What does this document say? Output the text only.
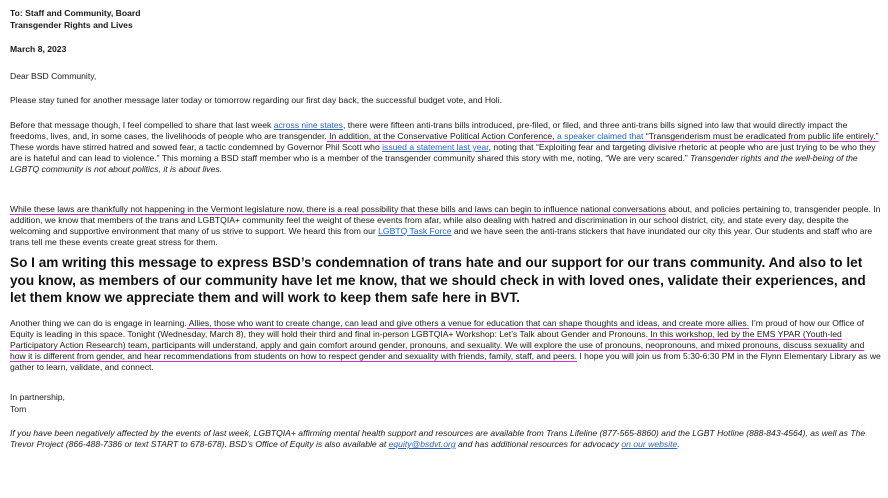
To: Staff and Community, Board

Transgender Rights and Lives

March 8, 2023

Dear BSD Community,

Please stay tuned for another message later today or tomorrow regarding our first day back, the successful budget vote, and Holi.

Before that message though, I feel compelled to share that last week across nine states, there were fifteen anti-trans bills introduced, pre-filed, or filed, and three anti-trans bills signed into law that would directly impact the freedoms, lives, and, in some cases, the livelihoods of people who are transgender. In addition, at the Conservative Political Action Conference, a speaker claimed that “Transgenderism must be eradicated from public life entirely.” These words have stirred hatred and sowed fear, a tactic condemned by Governor Phil Scott who issued a statement last year, noting that “Exploiting fear and targeting divisive rhetoric at people who are just trying to be who they are is hateful and can lead to violence.” This morning a BSD staff member who is a member of the transgender community shared this story with me, noting, “We are very scared.” Transgender rights and the well-being of the LGBTQ community is not about politics, it is about lives.

While these laws are thankfully not happening in the Vermont legislature now, there is a real possibility that these bills and laws can begin to influence national conversations about, and policies pertaining to, transgender people. In addition, we know that members of the trans and LGBTQIA+ community feel the weight of these events from afar, while also dealing with hatred and discrimination in our school district, city, and state every day, despite the welcoming and supportive environment that many of us strive to support. We heard this from our LGBTQ Task Force and we have seen the anti-trans stickers that have inundated our city this year. Our students and staff who are trans tell me these events create great stress for them.

So I am writing this message to express BSD’s condemnation of trans hate and our support for our trans community. And also to let you know, as members of our community have let me know, that we should check in with loved ones, validate their experiences, and let them know we appreciate them and will work to keep them safe here in BVT.

Another thing we can do is engage in learning. Allies, those who want to create change, can lead and give others a venue for education that can shape thoughts and ideas, and create more allies. I’m proud of how our Office of Equity is leading in this space. Tonight (Wednesday, March 8), they will hold their third and final in-person LGBTQIA+ Workshop: Let’s Talk about Gender and Pronouns. In this workshop, led by the EMS YPAR (Youth-led Participatory Action Research) team, participants will understand, apply and gain comfort around gender, pronouns, and sexuality. We will explore the use of pronouns, neopronouns, and mixed pronouns, discuss sexuality and how it is different from gender, and hear recommendations from students on how to respect gender and sexuality with friends, family, staff, and peers. I hope you will join us from 5:30-6:30 PM in the Flynn Elementary Library as we gather to learn, validate, and connect.

In partnership,

Tom

If you have been negatively affected by the events of last week, LGBTQIA+ affirming mental health support and resources are available from Trans Lifeline (877-565-8860) and the LGBT Hotline (888-843-4564), as well as The Trevor Project (866-488-7386 or text START to 678-678). BSD’s Office of Equity is also available at equity@bsdvt.org and has additional resources for advocacy on our website.
